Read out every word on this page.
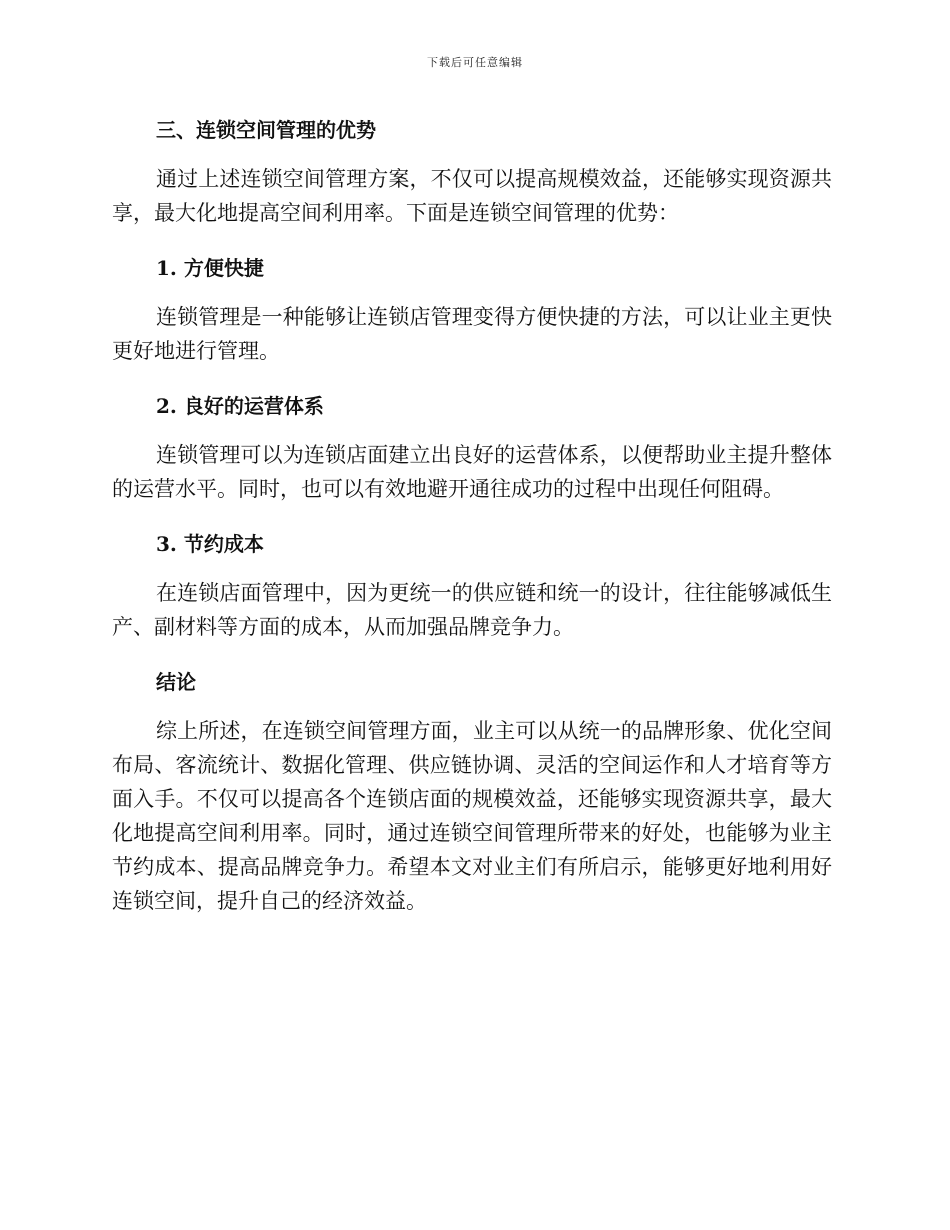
下载后可任意编辑
三、连锁空间管理的优势

通过上述连锁空间管理方案，不仅可以提高规模效益，还能够实现资源共享，最大化地提高空间利用率。下面是连锁空间管理的优势：

1. 方便快捷

连锁管理是一种能够让连锁店管理变得方便快捷的方法，可以让业主更快更好地进行管理。

2. 良好的运营体系

连锁管理可以为连锁店面建立出良好的运营体系，以便帮助业主提升整体的运营水平。同时，也可以有效地避开通往成功的过程中出现任何阻碍。

3. 节约成本

在连锁店面管理中，因为更统一的供应链和统一的设计，往往能够减低生产、副材料等方面的成本，从而加强品牌竞争力。

结论

综上所述，在连锁空间管理方面，业主可以从统一的品牌形象、优化空间布局、客流统计、数据化管理、供应链协调、灵活的空间运作和人才培育等方面入手。不仅可以提高各个连锁店面的规模效益，还能够实现资源共享，最大化地提高空间利用率。同时，通过连锁空间管理所带来的好处，也能够为业主节约成本、提高品牌竞争力。希望本文对业主们有所启示，能够更好地利用好连锁空间，提升自己的经济效益。
